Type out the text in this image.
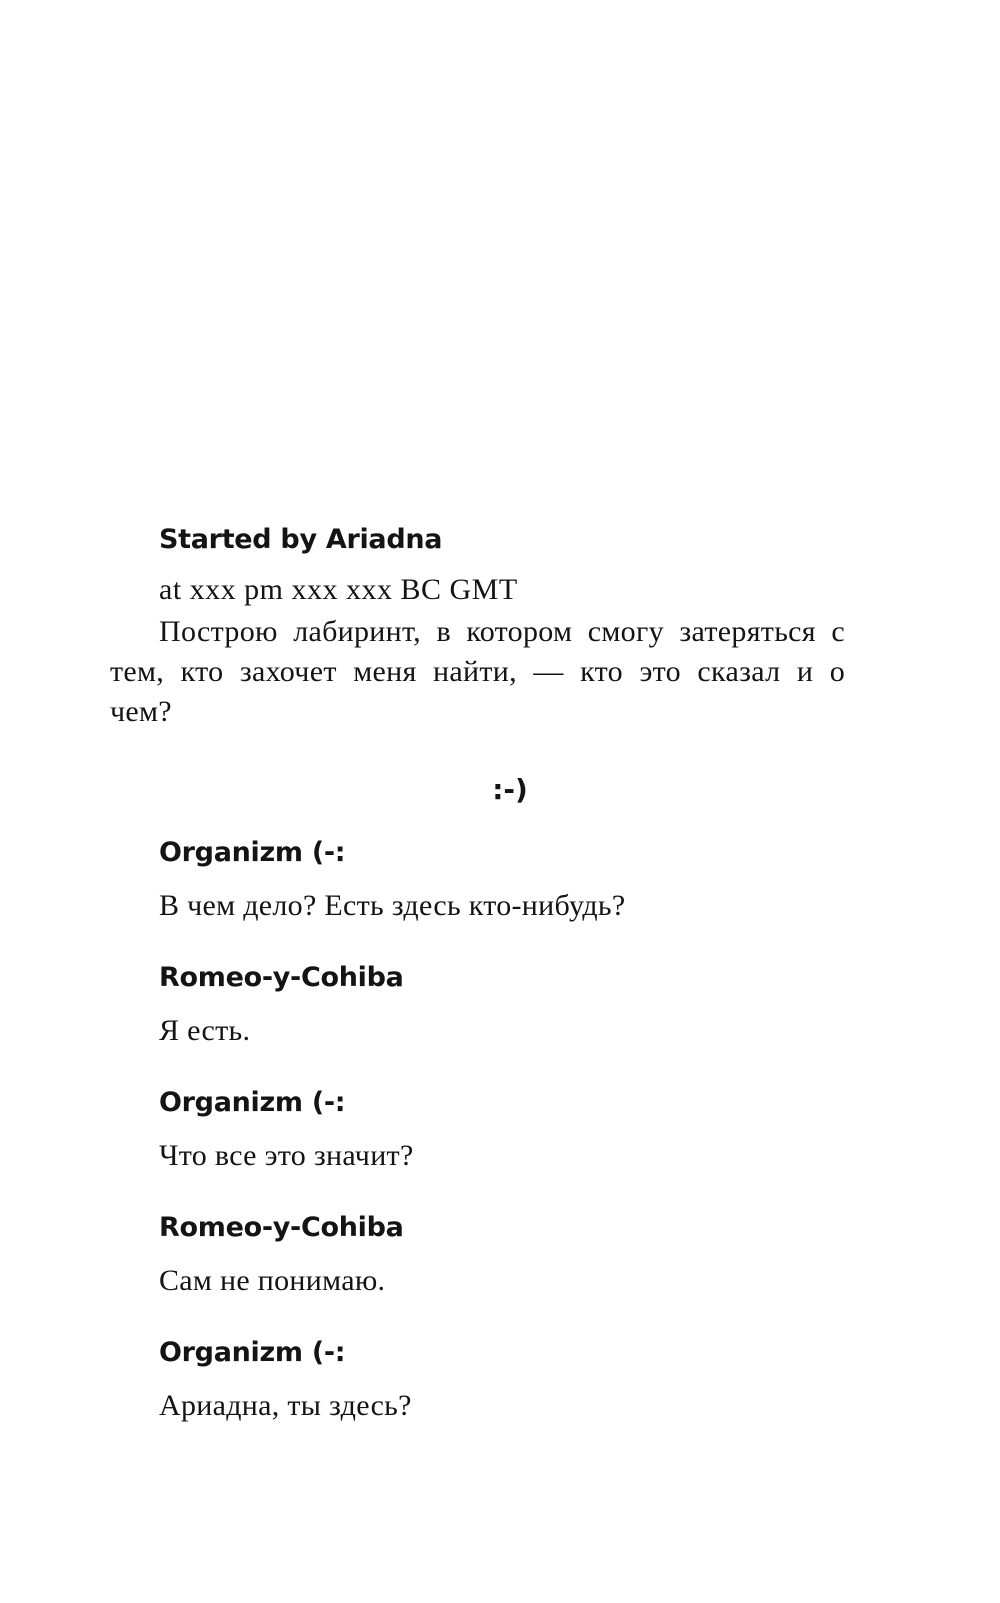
Started by Ariadna
at xxx pm xxx xxx BC GMT

Построю лабиринт, в котором смогу затеряться с тем, кто захочет меня найти, — кто это сказал и о чем?

:-)
Organizm (-:
В чем дело? Есть здесь кто-нибудь?
Romeo-y-Cohiba
Я есть.
Organizm (-:
Что все это значит?
Romeo-y-Cohiba
Сам не понимаю.
Organizm (-:
Ариадна, ты здесь?
